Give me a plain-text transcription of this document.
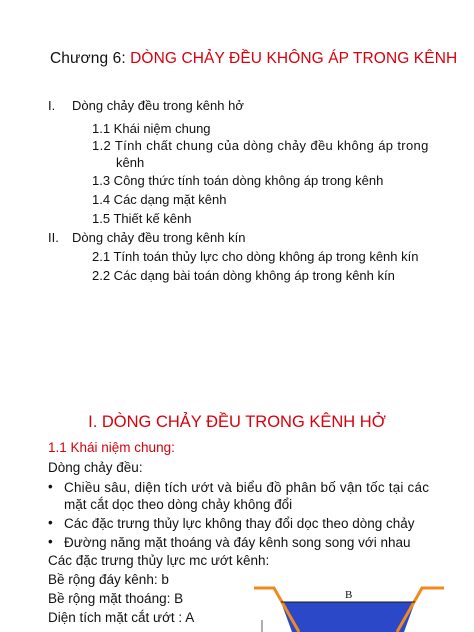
Chương 6: DÒNG CHẢY ĐỀU KHÔNG ÁP TRONG KÊNH
I. Dòng chảy đều trong kênh hở
1.1 Khái niệm chung
1.2 Tính chất chung của dòng chảy đều không áp trong
kênh
1.3 Công thức tính toán dòng không áp trong kênh
1.4 Các dạng mặt kênh
1.5 Thiết kế kênh
II. Dòng chảy đều trong kênh kín
2.1 Tính toán thủy lực cho dòng không áp trong kênh kín
2.2 Các dạng bài toán dòng không áp trong kênh kín
I. DÒNG CHẢY ĐỀU TRONG KÊNH HỞ
1.1 Khái niệm chung:
Dòng chảy đều:
• Chiều sâu, diện tích ướt và biểu đồ phân bố vận tốc tại các
mặt cắt dọc theo dòng chảy không đổi
• Các đặc trưng thủy lực không thay đổi dọc theo dòng chảy
• Đường năng mặt thoáng và đáy kênh song song với nhau
Các đặc trưng thủy lực mc ướt kênh:
Bề rộng đáy kênh: b
Bề rộng mặt thoáng: B
Diện tích mặt cắt ướt : A
B
